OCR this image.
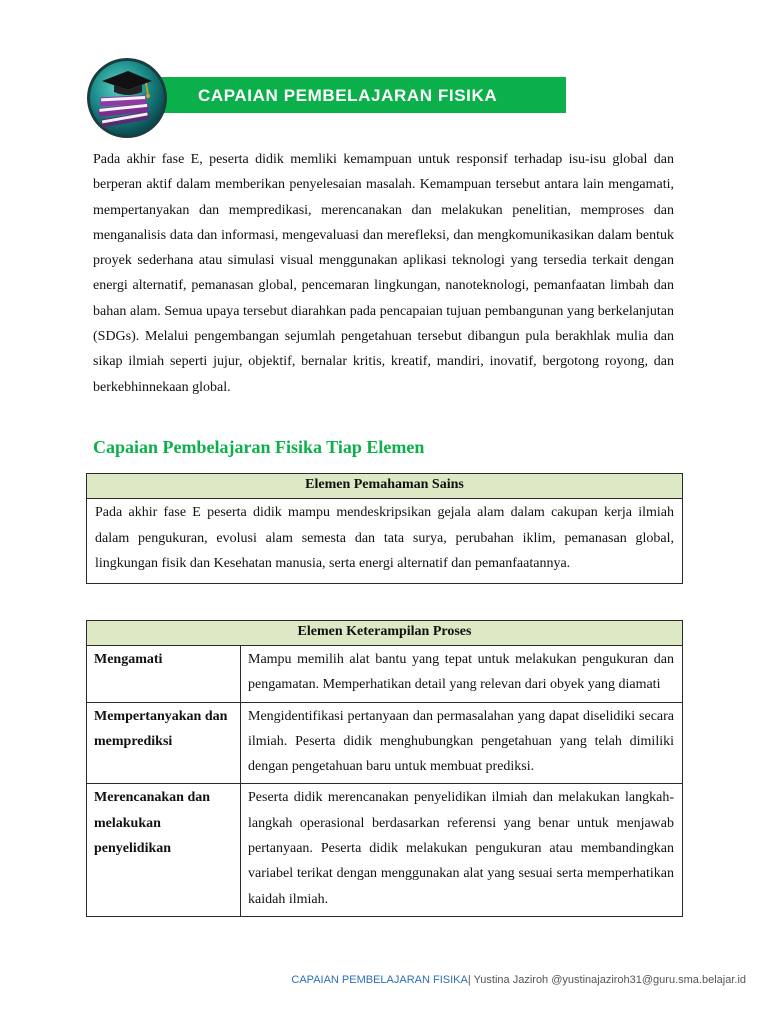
CAPAIAN PEMBELAJARAN FISIKA

Pada akhir fase E, peserta didik memliki kemampuan untuk responsif terhadap isu-isu global dan berperan aktif dalam memberikan penyelesaian masalah. Kemampuan tersebut antara lain mengamati, mempertanyakan dan mempredikasi, merencanakan dan melakukan penelitian, memproses dan menganalisis data dan informasi, mengevaluasi dan merefleksi, dan mengkomunikasikan dalam bentuk proyek sederhana atau simulasi visual menggunakan aplikasi teknologi yang tersedia terkait dengan energi alternatif, pemanasan global, pencemaran lingkungan, nanoteknologi, pemanfaatan limbah dan bahan alam. Semua upaya tersebut diarahkan pada pencapaian tujuan pembangunan yang berkelanjutan (SDGs). Melalui pengembangan sejumlah pengetahuan tersebut dibangun pula berakhlak mulia dan sikap ilmiah seperti jujur, objektif, bernalar kritis, kreatif, mandiri, inovatif, bergotong royong, dan berkebhinnekaan global.

Capaian Pembelajaran Fisika Tiap Elemen
Elemen Pemahaman Sains
Pada akhir fase E peserta didik mampu mendeskripsikan gejala alam dalam cakupan kerja ilmiah dalam pengukuran, evolusi alam semesta dan tata surya, perubahan iklim, pemanasan global, lingkungan fisik dan Kesehatan manusia, serta energi alternatif dan pemanfaatannya.
Elemen Keterampilan Proses	
Mengamati	Mampu memilih alat bantu yang tepat untuk melakukan pengukuran dan pengamatan. Memperhatikan detail yang relevan dari obyek yang diamati
Mempertanyakan dan memprediksi	Mengidentifikasi pertanyaan dan permasalahan yang dapat diselidiki secara ilmiah. Peserta didik menghubungkan pengetahuan yang telah dimiliki dengan pengetahuan baru untuk membuat prediksi.
Merencanakan dan melakukan penyelidikan	Peserta didik merencanakan penyelidikan ilmiah dan melakukan langkah-langkah operasional berdasarkan referensi yang benar untuk menjawab pertanyaan. Peserta didik melakukan pengukuran atau membandingkan variabel terikat dengan menggunakan alat yang sesuai serta memperhatikan kaidah ilmiah.
CAPAIAN PEMBELAJARAN FISIKA| Yustina Jaziroh @yustinajaziroh31@guru.sma.belajar.id
